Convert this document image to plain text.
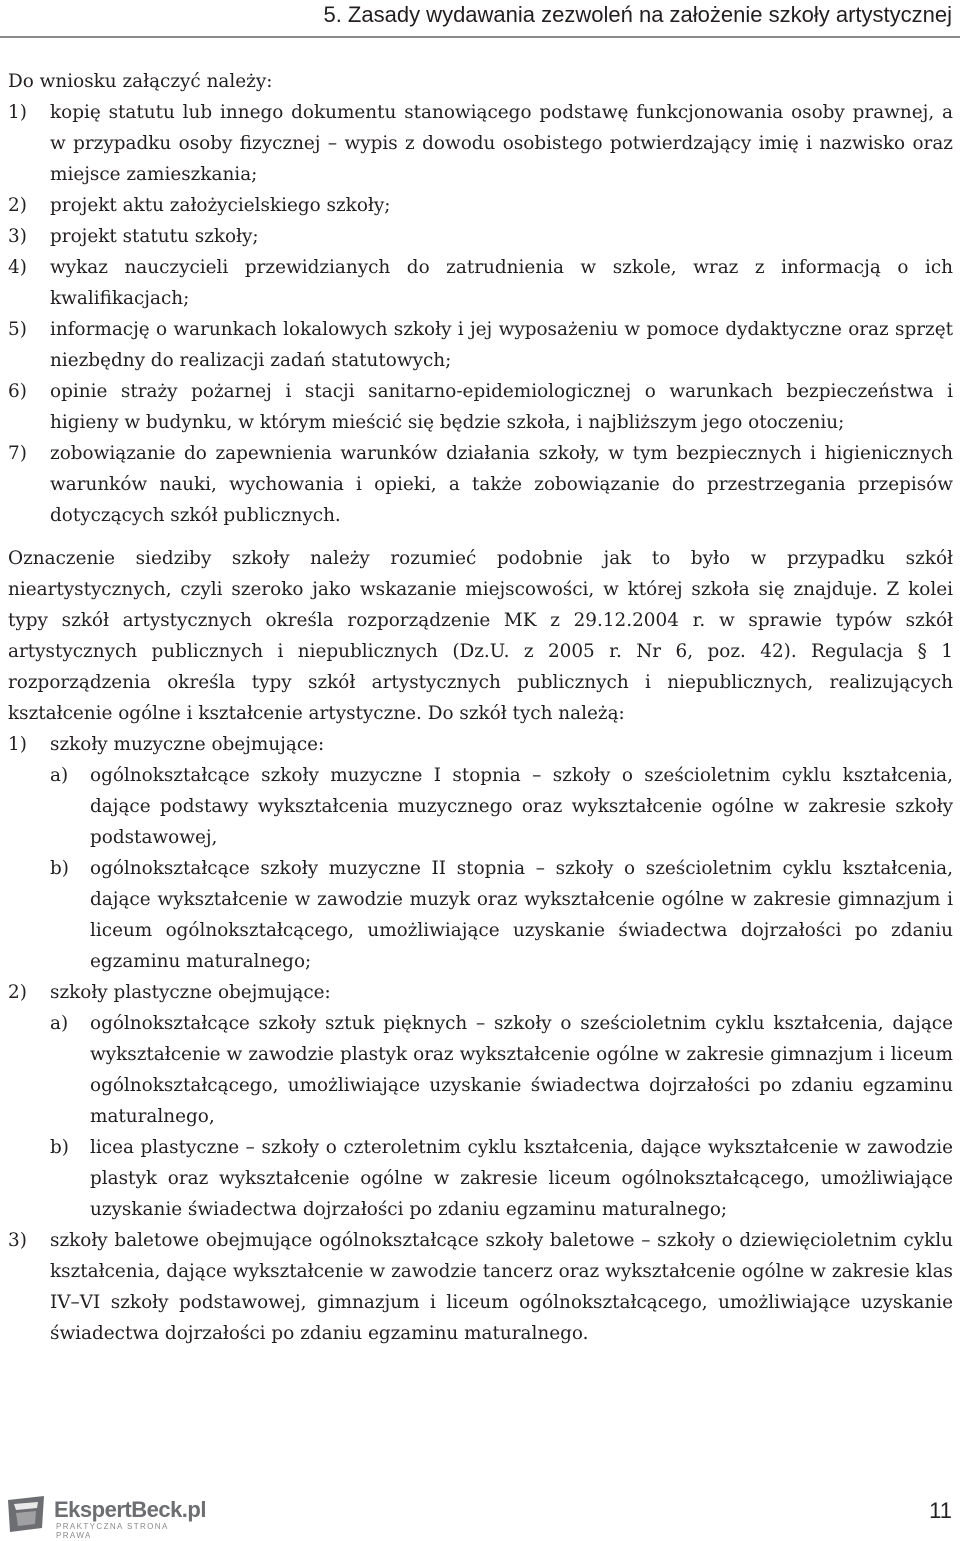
5. Zasady wydawania zezwoleń na założenie szkoły artystycznej

Do wniosku załączyć należy:

1) kopię statutu lub innego dokumentu stanowiącego podstawę funkcjonowania osoby prawnej, a w przypadku osoby fizycznej – wypis z dowodu osobistego potwierdzający imię i nazwisko oraz miejsce zamieszkania;
2) projekt aktu założycielskiego szkoły;
3) projekt statutu szkoły;
4) wykaz nauczycieli przewidzianych do zatrudnienia w szkole, wraz z informacją o ich kwalifikacjach;
5) informację o warunkach lokalowych szkoły i jej wyposażeniu w pomoce dydaktyczne oraz sprzęt niezbędny do realizacji zadań statutowych;
6) opinie straży pożarnej i stacji sanitarno-epidemiologicznej o warunkach bezpieczeństwa i higieny w budynku, w którym mieścić się będzie szkoła, i najbliższym jego otoczeniu;
7) zobowiązanie do zapewnienia warunków działania szkoły, w tym bezpiecznych i higienicznych warunków nauki, wychowania i opieki, a także zobowiązanie do przestrzegania przepisów dotyczących szkół publicznych.

Oznaczenie siedziby szkoły należy rozumieć podobnie jak to było w przypadku szkół nieartystycznych, czyli szeroko jako wskazanie miejscowości, w której szkoła się znajduje. Z kolei typy szkół artystycznych określa rozporządzenie MK z 29.12.2004 r. w sprawie typów szkół artystycznych publicznych i niepublicznych (Dz.U. z 2005 r. Nr 6, poz. 42). Regulacja § 1 rozporządzenia określa typy szkół artystycznych publicznych i niepublicznych, realizujących kształcenie ogólne i kształcenie artystyczne. Do szkół tych należą:

1) szkoły muzyczne obejmujące:
a) ogólnokształcące szkoły muzyczne I stopnia – szkoły o sześcioletnim cyklu kształcenia, dające podstawy wykształcenia muzycznego oraz wykształcenie ogólne w zakresie szkoły podstawowej,
b) ogólnokształcące szkoły muzyczne II stopnia – szkoły o sześcioletnim cyklu kształcenia, dające wykształcenie w zawodzie muzyk oraz wykształcenie ogólne w zakresie gimnazjum i liceum ogólnokształcącego, umożliwiające uzyskanie świadectwa dojrzałości po zdaniu egzaminu maturalnego;
2) szkoły plastyczne obejmujące:
a) ogólnokształcące szkoły sztuk pięknych – szkoły o sześcioletnim cyklu kształcenia, dające wykształcenie w zawodzie plastyk oraz wykształcenie ogólne w zakresie gimnazjum i liceum ogólnokształcącego, umożliwiające uzyskanie świadectwa dojrzałości po zdaniu egzaminu maturalnego,
b) licea plastyczne – szkoły o czteroletnim cyklu kształcenia, dające wykształcenie w zawodzie plastyk oraz wykształcenie ogólne w zakresie liceum ogólnokształcącego, umożliwiające uzyskanie świadectwa dojrzałości po zdaniu egzaminu maturalnego;
3) szkoły baletowe obejmujące ogólnokształcące szkoły baletowe – szkoły o dziewięcioletnim cyklu kształcenia, dające wykształcenie w zawodzie tancerz oraz wykształcenie ogólne w zakresie klas IV–VI szkoły podstawowej, gimnazjum i liceum ogólnokształcącego, umożliwiające uzyskanie świadectwa dojrzałości po zdaniu egzaminu maturalnego.
EkspertBeck.pl
PRAKTYCZNA STRONA PRAWA
11
